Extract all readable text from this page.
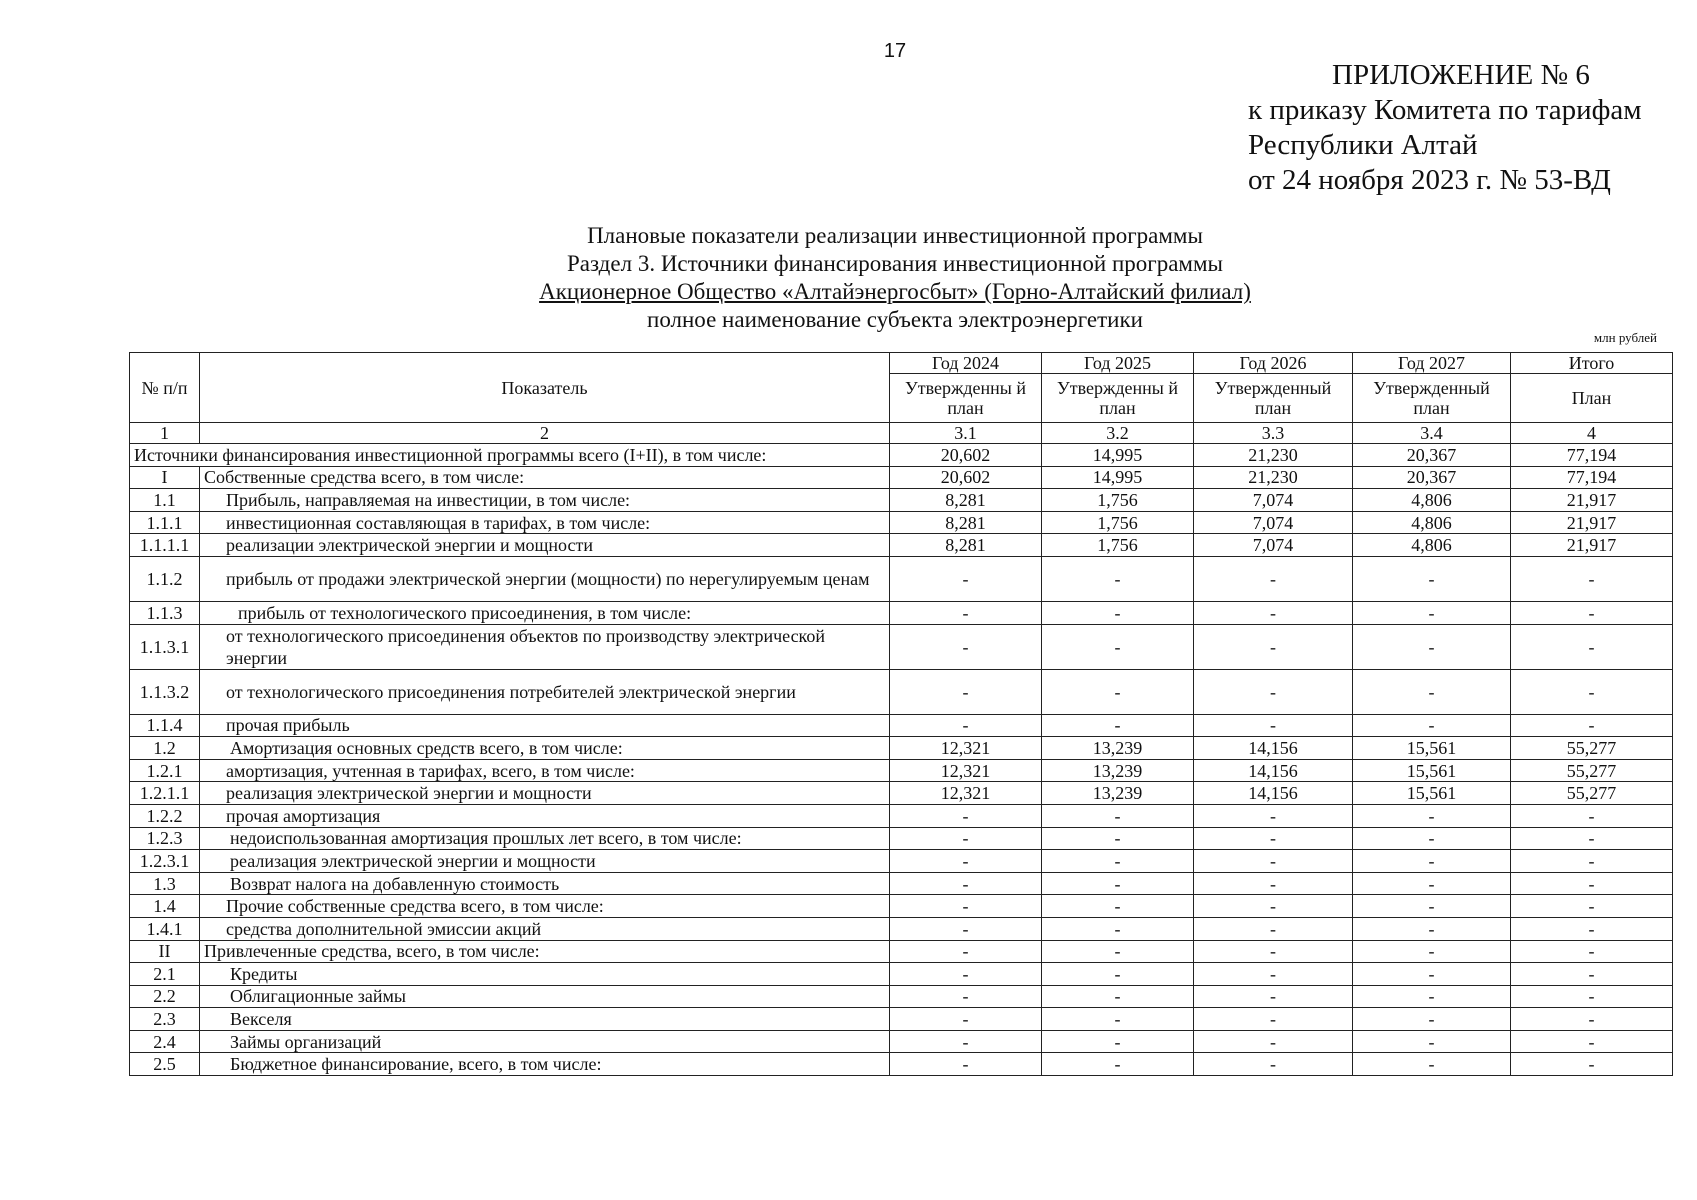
17
ПРИЛОЖЕНИЕ № 6
к приказу Комитета по тарифам
Республики Алтай
от 24 ноября 2023 г. № 53-ВД
Плановые показатели реализации инвестиционной программы
Раздел 3. Источники финансирования инвестиционной программы
Акционерное Общество «Алтайэнергосбыт» (Горно-Алтайский филиал)
полное наименование субъекта электроэнергетики
млн рублей
№ п/п	Показатель	Год 2024	Год 2025	Год 2026	Год 2027	Итого
		Утвержденны й план	Утвержденны й план	Утвержденный план	Утвержденный план	План
1	2	3.1	3.2	3.3	3.4	4
Источники финансирования инвестиционной программы всего (I+II), в том числе:		20,602	14,995	21,230	20,367	77,194
I	Собственные средства всего, в том числе:	20,602	14,995	21,230	20,367	77,194
1.1	Прибыль, направляемая на инвестиции, в том числе:	8,281	1,756	7,074	4,806	21,917
1.1.1	инвестиционная составляющая в тарифах, в том числе:	8,281	1,756	7,074	4,806	21,917
1.1.1.1	реализации электрической энергии и мощности	8,281	1,756	7,074	4,806	21,917
1.1.2	прибыль от продажи электрической энергии (мощности) по нерегулируемым ценам	-	-	-	-	-
1.1.3	прибыль от технологического присоединения, в том числе:	-	-	-	-	-
1.1.3.1	от технологического присоединения объектов по производству электрической энергии	-	-	-	-	-
1.1.3.2	от технологического присоединения потребителей электрической энергии	-	-	-	-	-
1.1.4	прочая прибыль	-	-	-	-	-
1.2	Амортизация основных средств всего, в том числе:	12,321	13,239	14,156	15,561	55,277
1.2.1	амортизация, учтенная в тарифах, всего, в том числе:	12,321	13,239	14,156	15,561	55,277
1.2.1.1	реализация электрической энергии и мощности	12,321	13,239	14,156	15,561	55,277
1.2.2	прочая амортизация	-	-	-	-	-
1.2.3	недоиспользованная амортизация прошлых лет всего, в том числе:	-	-	-	-	-
1.2.3.1	реализация электрической энергии и мощности	-	-	-	-	-
1.3	Возврат налога на добавленную стоимость	-	-	-	-	-
1.4	Прочие собственные средства всего, в том числе:	-	-	-	-	-
1.4.1	средства дополнительной эмиссии акций	-	-	-	-	-
II	Привлеченные средства, всего, в том числе:	-	-	-	-	-
2.1	Кредиты	-	-	-	-	-
2.2	Облигационные займы	-	-	-	-	-
2.3	Векселя	-	-	-	-	-
2.4	Займы организаций	-	-	-	-	-
2.5	Бюджетное финансирование, всего, в том числе:	-	-	-	-	-
